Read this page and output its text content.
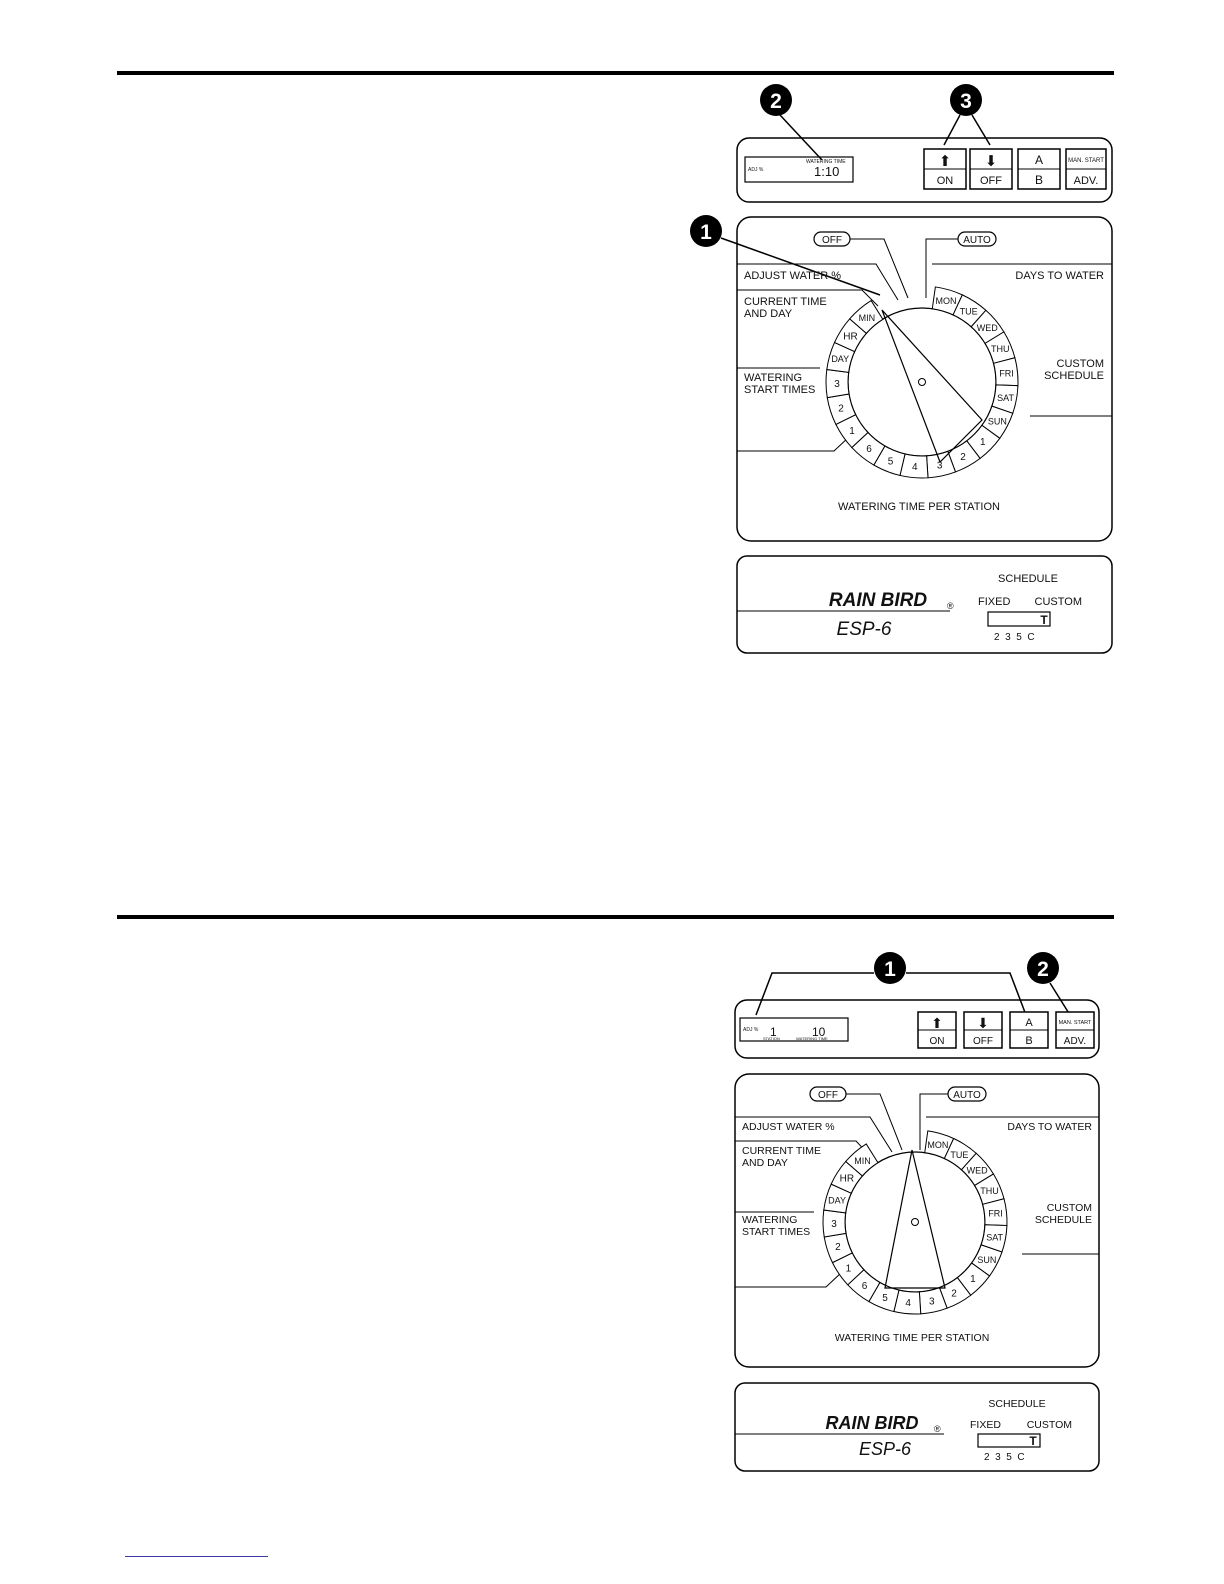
2	3
1
ADJ %
WATERING TIME
1:10
⬆
ON
⬇
OFF
A
B
MAN. START
ADV.
OFF	AUTO
ADJUST WATER %
CURRENT TIME
AND DAY
WATERING
START TIMES
DAYS TO WATER
CUSTOM
SCHEDULE
WATERING TIME PER STATION
MON
TUE
WED
THU
FRI
SAT
SUN
1
2
3
4
5
6
1
2
3
DAY
HR
MIN
RAIN BIRD ®
ESP-6
SCHEDULE
FIXED CUSTOM
T
2  3  5  C
1	2
ADJ % 1
STATION	10
WATERING TIME
⬆
ON
⬇
OFF
A
B
MAN. START
ADV.
OFF	AUTO
ADJUST WATER %
CURRENT TIME
AND DAY
WATERING
START TIMES
DAYS TO WATER
CUSTOM
SCHEDULE
WATERING TIME PER STATION
MON
TUE
WED
THU
FRI
SAT
SUN
1
2
3
4
5
6
1
2
3
DAY
HR
MIN
RAIN BIRD ®
ESP-6
SCHEDULE
FIXED CUSTOM
T
2  3  5  C
